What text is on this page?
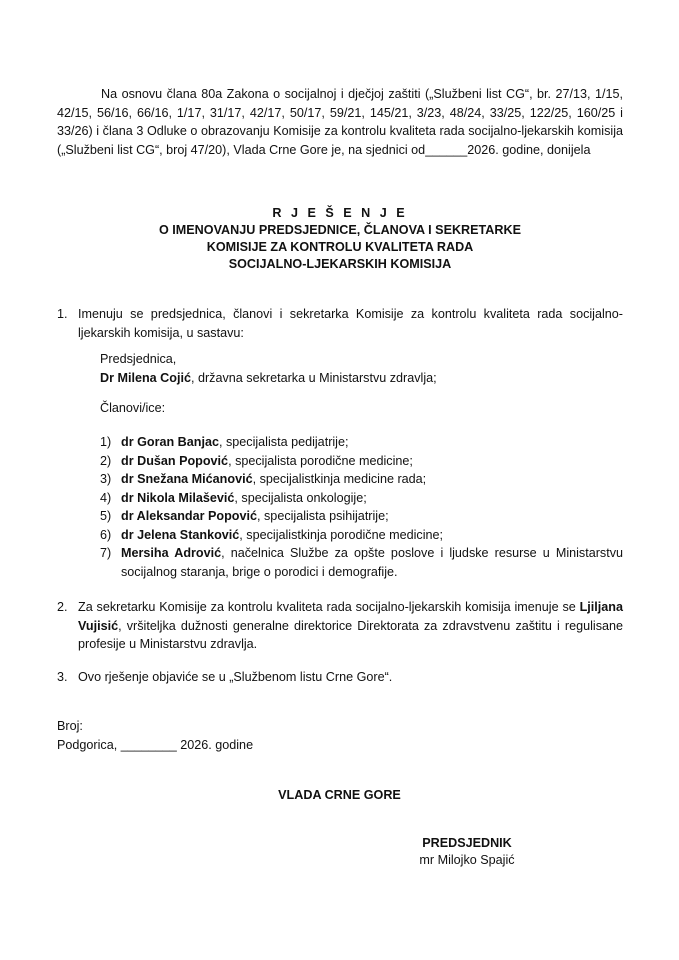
Na osnovu člana 80a Zakona o socijalnoj i dječjoj zaštiti („Službeni list CG“, br. 27/13, 1/15, 42/15, 56/16, 66/16, 1/17, 31/17, 42/17, 50/17, 59/21, 145/21, 3/23, 48/24, 33/25, 122/25, 160/25 i 33/26) i člana 3 Odluke o obrazovanju Komisije za kontrolu kvaliteta rada socijalno-ljekarskih komisija („Službeni list CG“, broj 47/20), Vlada Crne Gore je, na sjednici od______2026. godine, donijela

R J E Š E N J E
O IMENOVANJU PREDSJEDNICE, ČLANOVA I SEKRETARKE
KOMISIJE ZA KONTROLU KVALITETA RADA
SOCIJALNO-LJEKARSKIH KOMISIJA
1. Imenuju se predsjednica, članovi i sekretarka Komisije za kontrolu kvaliteta rada socijalno-ljekarskih komisija, u sastavu:
Predsjednica,
Dr Milena Cojić, državna sekretarka u Ministarstvu zdravlja;
Članovi/ice:
1) dr Goran Banjac, specijalista pedijatrije;
2) dr Dušan Popović, specijalista porodične medicine;
3) dr Snežana Mićanović, specijalistkinja medicine rada;
4) dr Nikola Milašević, specijalista onkologije;
5) dr Aleksandar Popović, specijalista psihijatrije;
6) dr Jelena Stanković, specijalistkinja porodične medicine;
7) Mersiha Adrović, načelnica Službe za opšte poslove i ljudske resurse u Ministarstvu socijalnog staranja, brige o porodici i demografije.
2. Za sekretarku Komisije za kontrolu kvaliteta rada socijalno-ljekarskih komisija imenuje se Ljiljana Vujisić, vršiteljka dužnosti generalne direktorice Direktorata za zdravstvenu zaštitu i regulisane profesije u Ministarstvu zdravlja.
3. Ovo rješenje objaviće se u „Službenom listu Crne Gore“.
Broj:
Podgorica, ________ 2026. godine
VLADA CRNE GORE
PREDSJEDNIK
mr Milojko Spajić
